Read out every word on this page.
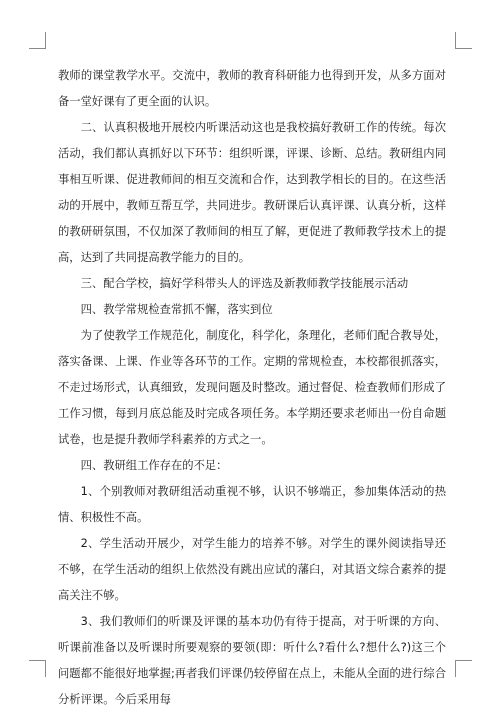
教师的课堂教学水平。交流中，教师的教育科研能力也得到开发，从多方面对备一堂好课有了更全面的认识。

二、认真积极地开展校内听课活动这也是我校搞好教研工作的传统。每次活动，我们都认真抓好以下环节：组织听课，评课、诊断、总结。教研组内同事相互听课、促进教师间的相互交流和合作，达到教学相长的目的。在这些活动的开展中，教师互帮互学，共同进步。教研课后认真评课、认真分析，这样的教研研氛围，不仅加深了教师间的相互了解，更促进了教师教学技术上的提高，达到了共同提高教学能力的目的。

三、配合学校，搞好学科带头人的评选及新教师教学技能展示活动

四、教学常规检查常抓不懈，落实到位

为了使教学工作规范化，制度化，科学化，条理化，老师们配合教导处，落实备课、上课、作业等各环节的工作。定期的常规检查，本校都很抓落实，不走过场形式，认真细致，发现问题及时整改。通过督促、检查教师们形成了工作习惯，每到月底总能及时完成各项任务。本学期还要求老师出一份自命题试卷，也是提升教师学科素养的方式之一。

四、教研组工作存在的不足：

1、个别教师对教研组活动重视不够，认识不够端正，参加集体活动的热情、积极性不高。

2、学生活动开展少，对学生能力的培养不够。对学生的课外阅读指导还不够，在学生活动的组织上依然没有跳出应试的藩臼，对其语文综合素养的提高关注不够。

3、我们教师们的听课及评课的基本功仍有待于提高，对于听课的方向、听课前准备以及听课时所要观察的要领(即：听什么?看什么?想什么?)这三个问题都不能很好地掌握;再者我们评课仍较停留在点上，未能从全面的进行综合分析评课。今后采用每
